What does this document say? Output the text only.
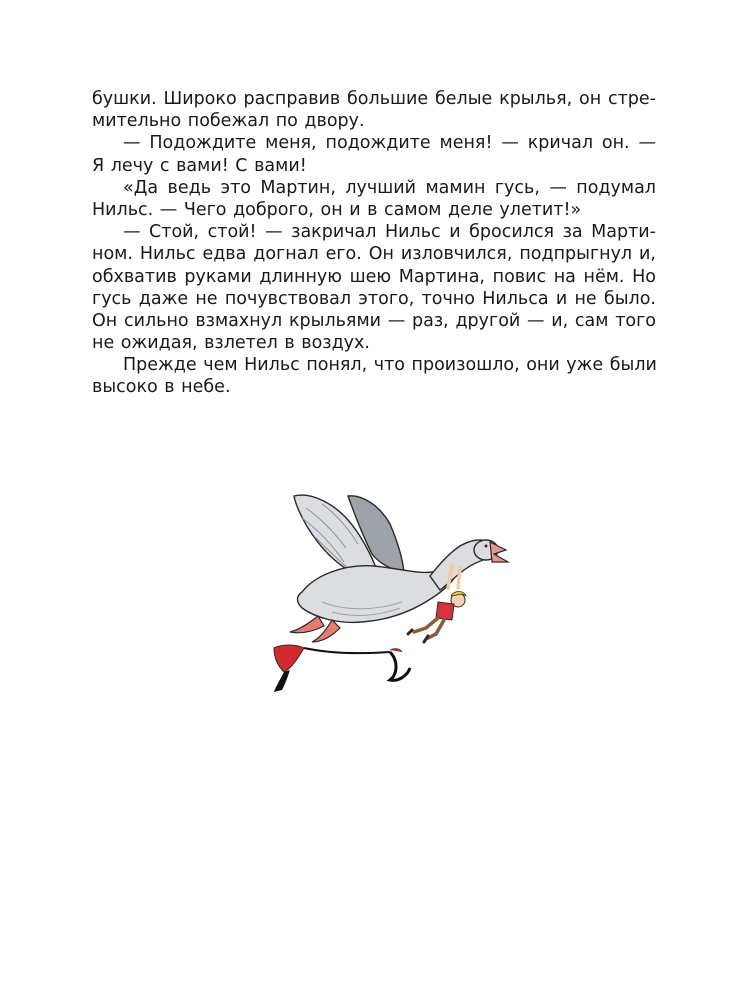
бушки. Широко расправив большие белые крылья, он стре-
мительно побежал по двору.
— Подождите меня, подождите меня! — кричал он. —
Я лечу с вами! С вами!
«Да ведь это Мартин, лучший мамин гусь, — подумал
Нильс. — Чего доброго, он и в самом деле улетит!»
— Стой, стой! — закричал Нильс и бросился за Марти-
ном. Нильс едва догнал его. Он изловчился, подпрыгнул и,
обхватив руками длинную шею Мартина, повис на нём. Но
гусь даже не почувствовал этого, точно Нильса и не было.
Он сильно взмахнул крыльями — раз, другой — и, сам того
не ожидая, взлетел в воздух.
Прежде чем Нильс понял, что произошло, они уже были
высоко в небе.
